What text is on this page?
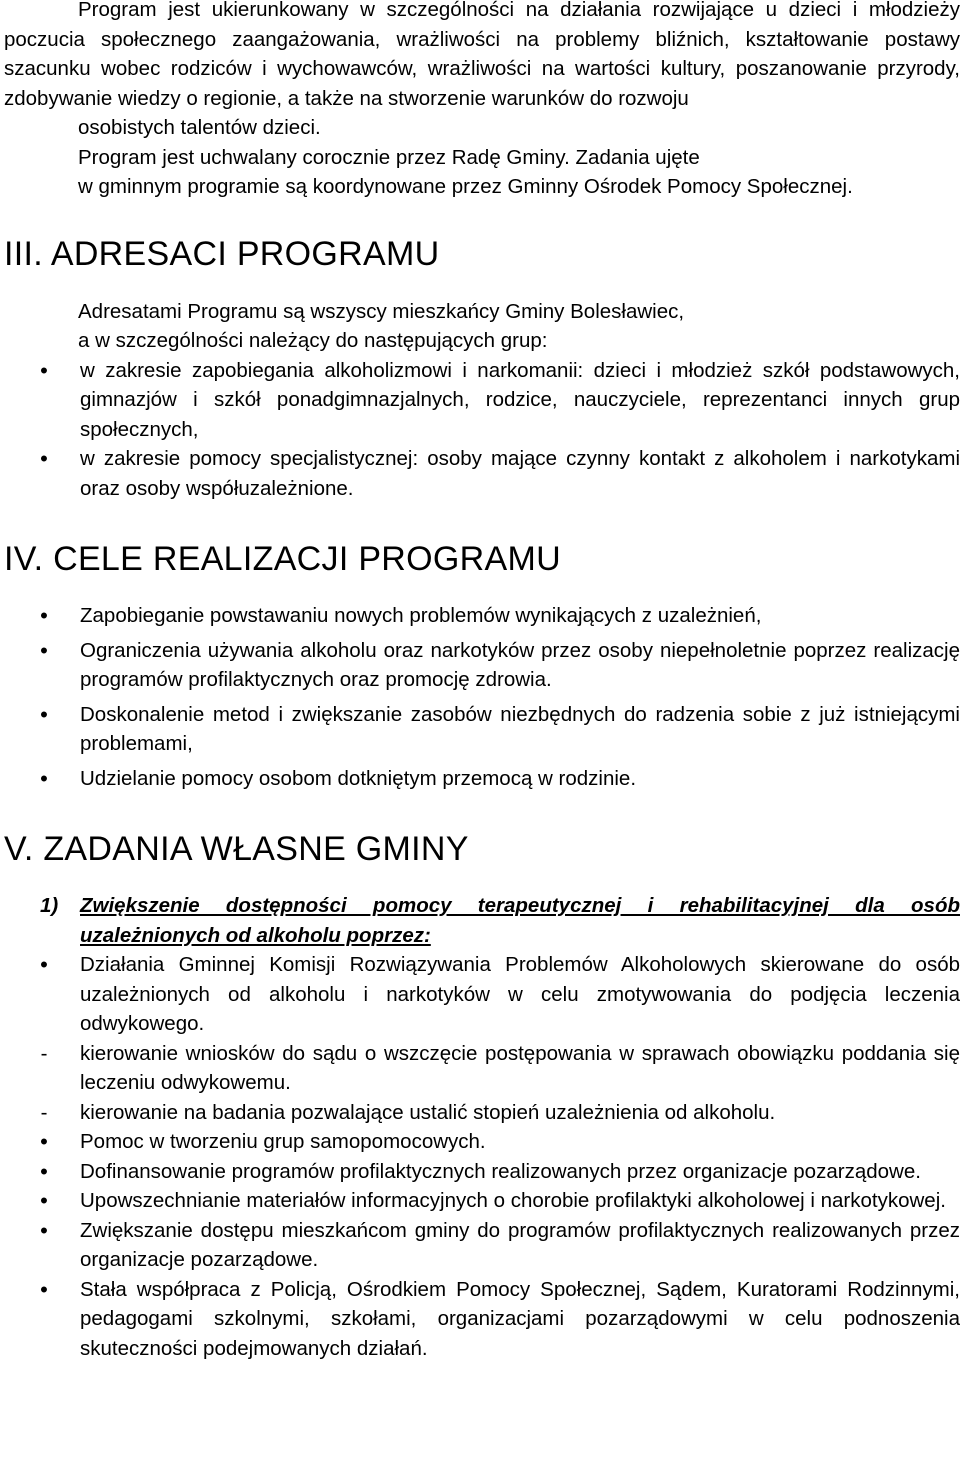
Program jest ukierunkowany w szczególności na działania rozwijające u dzieci i młodzieży poczucia społecznego zaangażowania, wrażliwości na problemy bliźnich, kształtowanie postawy szacunku wobec rodziców i wychowawców, wrażliwości na wartości kultury, poszanowanie przyrody, zdobywanie wiedzy o regionie, a także na stworzenie warunków do rozwoju
osobistych talentów dzieci.

Program jest uchwalany corocznie przez Radę Gminy. Zadania ujęte
w gminnym programie są koordynowane przez Gminny Ośrodek Pomocy Społecznej.

III. ADRESACI PROGRAMU

Adresatami Programu są wszyscy mieszkańcy Gminy Bolesławiec,
a w szczególności należący do następujących grup:

•
w zakresie zapobiegania alkoholizmowi i narkomanii: dzieci i młodzież szkół podstawowych, gimnazjów i szkół ponadgimnazjalnych, rodzice, nauczyciele, reprezentanci innych grup społecznych,
•
w zakresie pomocy specjalistycznej: osoby mające czynny kontakt z alkoholem i narkotykami oraz osoby współuzależnione.
IV. CELE REALIZACJI PROGRAMU
•
Zapobieganie powstawaniu nowych problemów wynikających z uzależnień,
•
Ograniczenia używania alkoholu oraz narkotyków przez osoby niepełnoletnie poprzez realizację programów profilaktycznych oraz promocję zdrowia.
•
Doskonalenie metod i zwiększanie zasobów niezbędnych do radzenia sobie z już istniejącymi problemami,
•
Udzielanie pomocy osobom dotkniętym przemocą w rodzinie.
V. ZADANIA WŁASNE GMINY
1) Zwiększenie dostępności pomocy terapeutycznej i rehabilitacyjnej dla osób uzależnionych od alkoholu poprzez:
•
Działania Gminnej Komisji Rozwiązywania Problemów Alkoholowych skierowane do osób uzależnionych od alkoholu i narkotyków w celu zmotywowania do podjęcia leczenia odwykowego.
-
kierowanie wniosków do sądu o wszczęcie postępowania w sprawach obowiązku poddania się leczeniu odwykowemu.
-
kierowanie na badania pozwalające ustalić stopień uzależnienia od alkoholu.
•
Pomoc w tworzeniu grup samopomocowych.
•
Dofinansowanie programów profilaktycznych realizowanych przez organizacje pozarządowe.
•
Upowszechnianie materiałów informacyjnych o chorobie profilaktyki alkoholowej i narkotykowej.
•
Zwiększanie dostępu mieszkańcom gminy do programów profilaktycznych realizowanych przez organizacje pozarządowe.
•
Stała współpraca z Policją, Ośrodkiem Pomocy Społecznej, Sądem, Kuratorami Rodzinnymi, pedagogami szkolnymi, szkołami, organizacjami pozarządowymi w celu podnoszenia skuteczności podejmowanych działań.
